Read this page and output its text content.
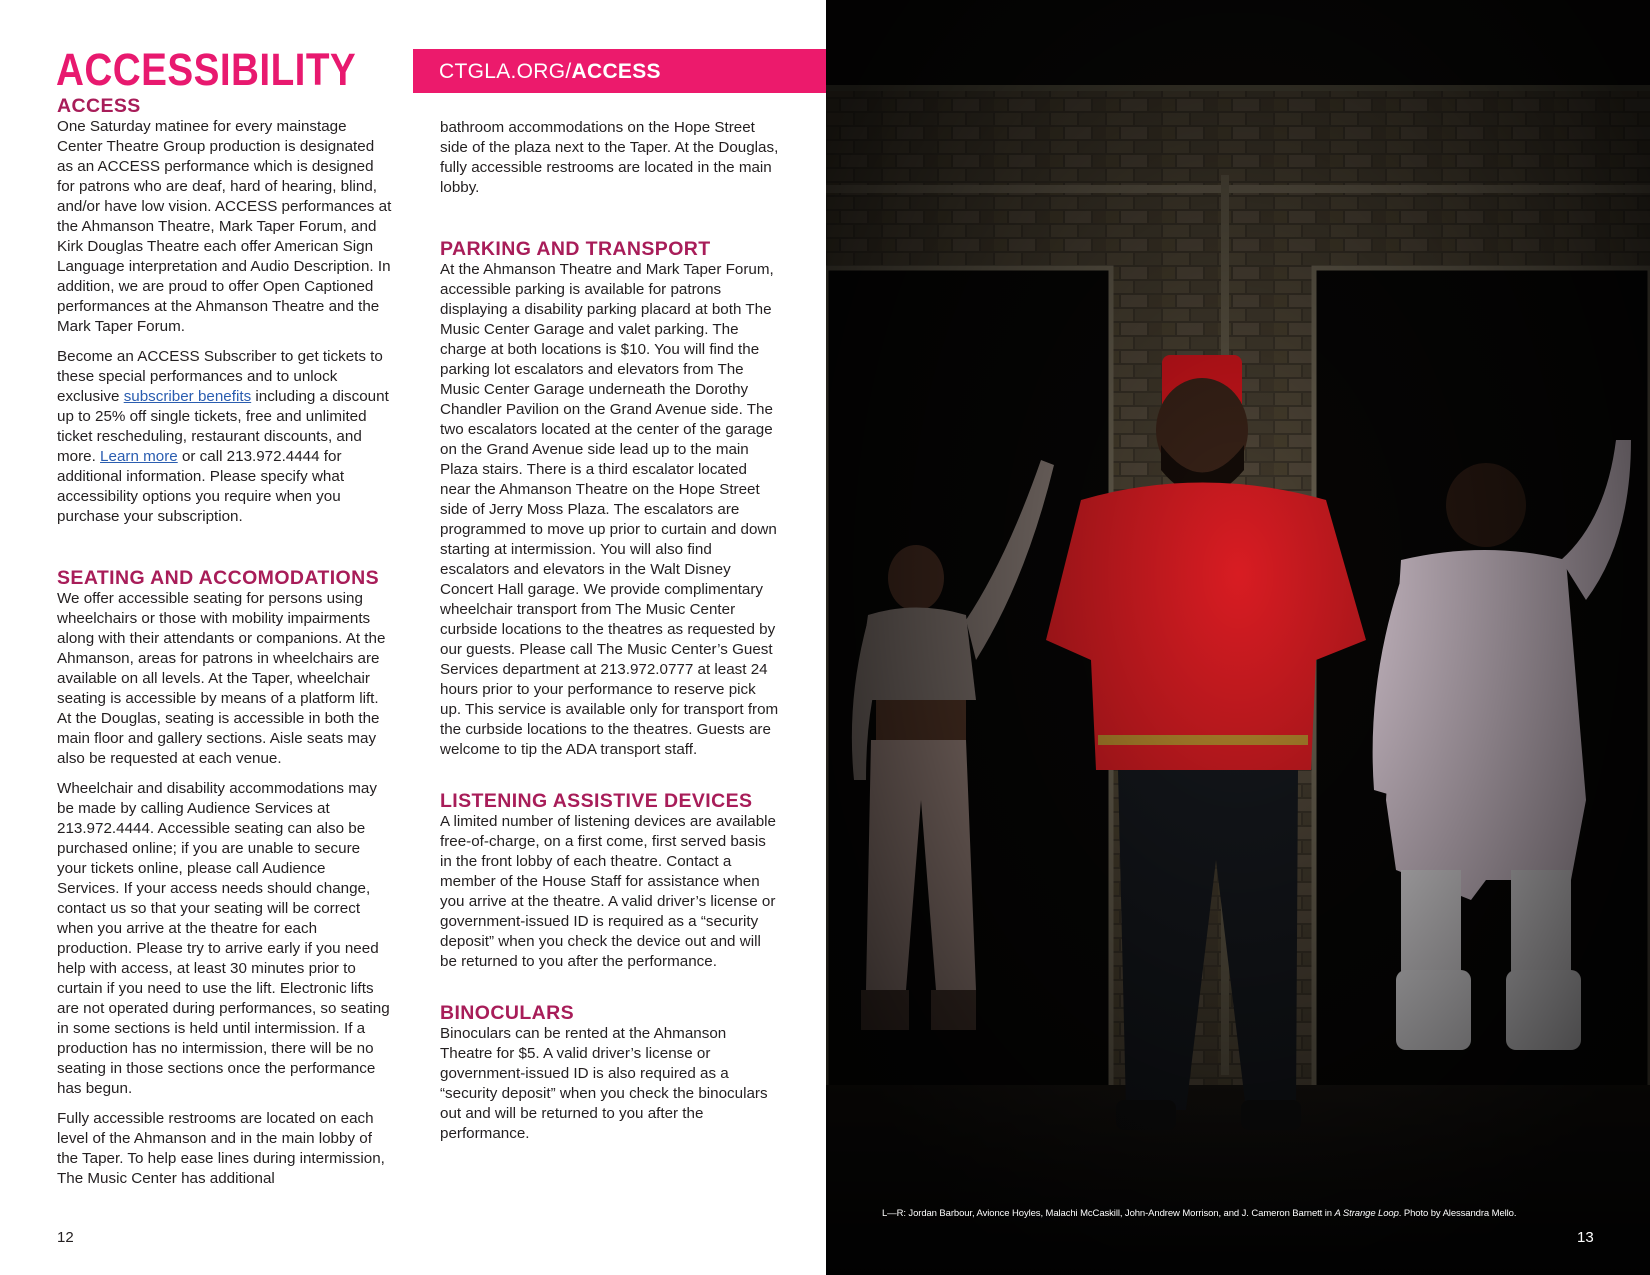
ACCESSIBILITY	CTGLA.ORG/ACCESS
ACCESS

One Saturday matinee for every mainstage Center Theatre Group production is designated as an ACCESS performance which is designed for patrons who are deaf, hard of hearing, blind, and/or have low vision. ACCESS performances at the Ahmanson Theatre, Mark Taper Forum, and Kirk Douglas Theatre each offer American Sign Language interpretation and Audio Description. In addition, we are proud to offer Open Captioned performances at the Ahmanson Theatre and the Mark Taper Forum.

Become an ACCESS Subscriber to get tickets to these special performances and to unlock exclusive subscriber benefits including a discount up to 25% off single tickets, free and unlimited ticket rescheduling, restaurant discounts, and more. Learn more or call 213.972.4444 for additional information. Please specify what accessibility options you require when you purchase your subscription.

SEATING AND ACCOMODATIONS

We offer accessible seating for persons using wheelchairs or those with mobility impairments along with their attendants or companions. At the Ahmanson, areas for patrons in wheelchairs are available on all levels. At the Taper, wheelchair seating is accessible by means of a platform lift. At the Douglas, seating is accessible in both the main floor and gallery sections. Aisle seats may also be requested at each venue.

Wheelchair and disability accommodations may be made by calling Audience Services at 213.972.4444. Accessible seating can also be purchased online; if you are unable to secure your tickets online, please call Audience Services. If your access needs should change, contact us so that your seating will be correct when you arrive at the theatre for each production. Please try to arrive early if you need help with access, at least 30 minutes prior to curtain if you need to use the lift. Electronic lifts are not operated during performances, so seating in some sections is held until intermission. If a production has no intermission, there will be no seating in those sections once the performance has begun.

Fully accessible restrooms are located on each level of the Ahmanson and in the main lobby of the Taper. To help ease lines during intermission, The Music Center has additional

bathroom accommodations on the Hope Street side of the plaza next to the Taper. At the Douglas, fully accessible restrooms are located in the main lobby.

PARKING AND TRANSPORT

At the Ahmanson Theatre and Mark Taper Forum, accessible parking is available for patrons displaying a disability parking placard at both The Music Center Garage and valet parking. The charge at both locations is $10. You will find the parking lot escalators and elevators from The Music Center Garage underneath the Dorothy Chandler Pavilion on the Grand Avenue side. The two escalators located at the center of the garage on the Grand Avenue side lead up to the main Plaza stairs. There is a third escalator located near the Ahmanson Theatre on the Hope Street side of Jerry Moss Plaza. The escalators are programmed to move up prior to curtain and down starting at intermission. You will also find escalators and elevators in the Walt Disney Concert Hall garage. We provide complimentary wheelchair transport from The Music Center curbside locations to the theatres as requested by our guests. Please call The Music Center’s Guest Services department at 213.972.0777 at least 24 hours prior to your performance to reserve pick up. This service is available only for transport from the curbside locations to the theatres. Guests are welcome to tip the ADA transport staff.

LISTENING ASSISTIVE DEVICES

A limited number of listening devices are available free-of-charge, on a first come, first served basis in the front lobby of each theatre. Contact a member of the House Staff for assistance when you arrive at the theatre. A valid driver’s license or government-issued ID is required as a “security deposit” when you check the device out and will be returned to you after the performance.

BINOCULARS

Binoculars can be rented at the Ahmanson Theatre for $5. A valid driver’s license or government-issued ID is also required as a “security deposit” when you check the binoculars out and will be returned to you after the performance.

12
L—R: Jordan Barbour, Avionce Hoyles, Malachi McCaskill, John-Andrew Morrison, and J. Cameron Barnett in A Strange Loop. Photo by Alessandra Mello.
13
